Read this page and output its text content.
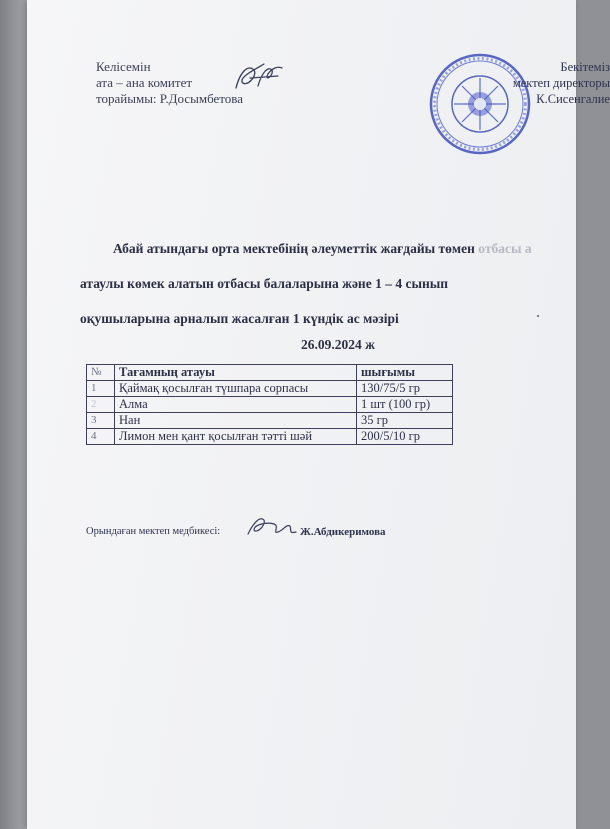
Келісемін
ата – ана комитет
торайымы: Р.Досымбетова
Бекітеміз
мектеп директоры
К.Сисенгалие

Абай атындағы орта мектебінің әлеуметтік жағдайы төмен отбасы а

атаулы көмек алатын отбасы балаларына және 1 – 4 сынып

оқушыларына арналып жасалған 1 күндік ас мәзірі

26.09.2024 ж
№	Тағамның атауы	шығымы
1	Қаймақ қосылған түшпара сорпасы	130/75/5 гр
2	Алма	1 шт (100 гр)
3	Нан	35 гр
4	Лимон мен қант қосылған тәтті шәй	200/5/10 гр
Орындаған мектеп медбикесі:	Ж.Абдикеримова
